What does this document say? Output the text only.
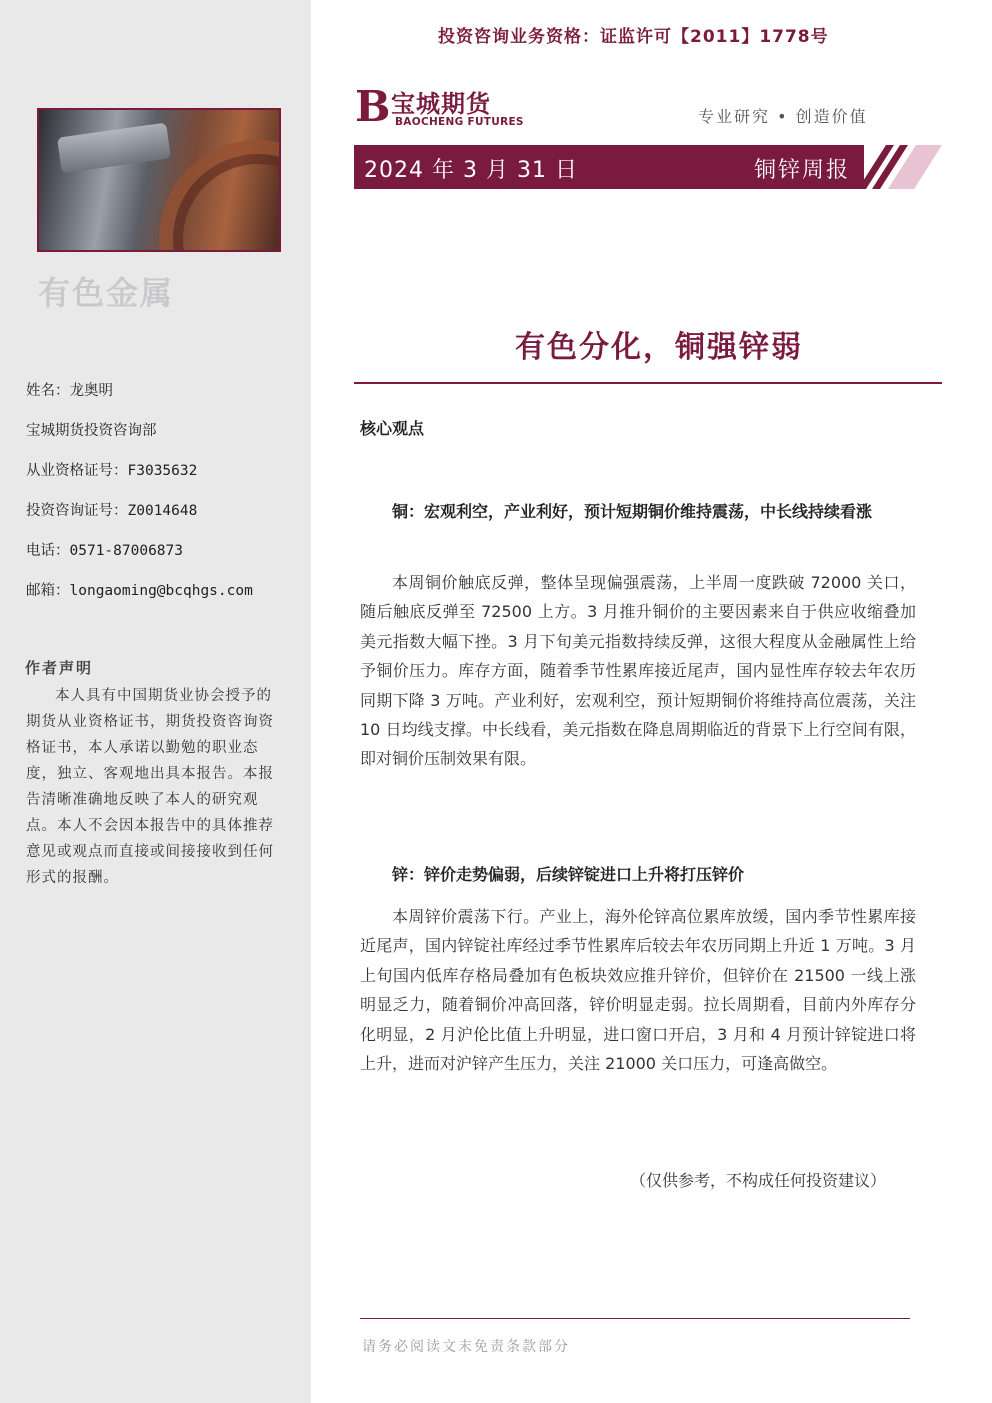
有色金属
姓名：龙奥明
宝城期货投资咨询部
从业资格证号：F3035632
投资咨询证号：Z0014648
电话：0571-87006873
邮箱：longaoming@bcqhgs.com
作者声明
本人具有中国期货业协会授予的期货从业资格证书，期货投资咨询资格证书，本人承诺以勤勉的职业态度，独立、客观地出具本报告。本报告清晰准确地反映了本人的研究观点。本人不会因本报告中的具体推荐意见或观点而直接或间接接收到任何形式的报酬。
投资咨询业务资格：证监许可【2011】1778号
B 宝城期货
BAOCHENG FUTURES	专业研究 • 创造价值
2024 年 3 月 31 日	铜锌周报
有色分化，铜强锌弱
核心观点
铜：宏观利空，产业利好，预计短期铜价维持震荡，中长线持续看涨
本周铜价触底反弹，整体呈现偏强震荡，上半周一度跌破 72000 关口，随后触底反弹至 72500 上方。3 月推升铜价的主要因素来自于供应收缩叠加美元指数大幅下挫。3 月下旬美元指数持续反弹，这很大程度从金融属性上给予铜价压力。库存方面，随着季节性累库接近尾声，国内显性库存较去年农历同期下降 3 万吨。产业利好，宏观利空，预计短期铜价将维持高位震荡，关注 10 日均线支撑。中长线看，美元指数在降息周期临近的背景下上行空间有限，即对铜价压制效果有限。
锌：锌价走势偏弱，后续锌锭进口上升将打压锌价
本周锌价震荡下行。产业上，海外伦锌高位累库放缓，国内季节性累库接近尾声，国内锌锭社库经过季节性累库后较去年农历同期上升近 1 万吨。3 月上旬国内低库存格局叠加有色板块效应推升锌价，但锌价在 21500 一线上涨明显乏力，随着铜价冲高回落，锌价明显走弱。拉长周期看，目前内外库存分化明显，2 月沪伦比值上升明显，进口窗口开启，3 月和 4 月预计锌锭进口将上升，进而对沪锌产生压力，关注 21000 关口压力，可逢高做空。
（仅供参考，不构成任何投资建议）
请务必阅读文末免责条款部分
